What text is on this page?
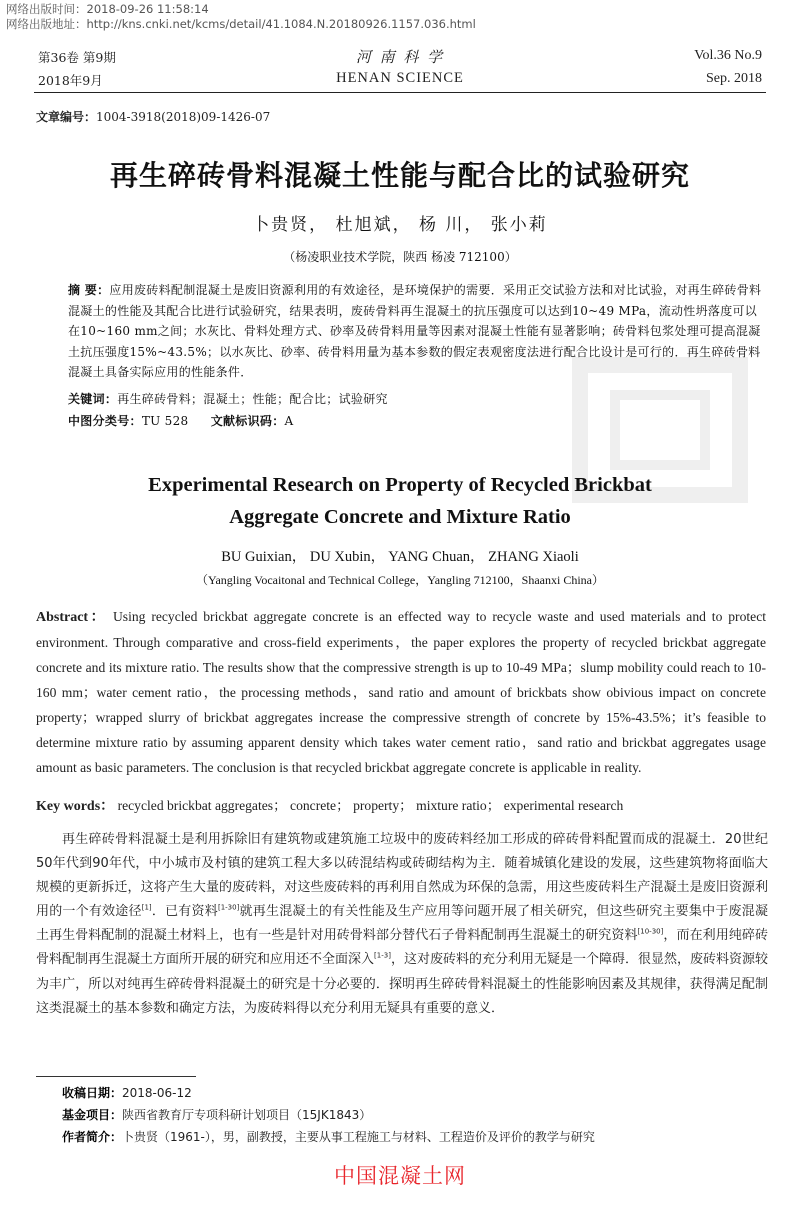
网络出版时间：2018-09-26 11:58:14
网络出版地址：http://kns.cnki.net/kcms/detail/41.1084.N.20180926.1157.036.html
第36卷 第9期
2018年9月
河 南 科 学
HENAN SCIENCE
Vol.36 No.9
Sep. 2018
文章编号：1004-3918(2018)09-1426-07
再生碎砖骨料混凝土性能与配合比的试验研究
卜贵贤， 杜旭斌， 杨 川， 张小莉
（杨凌职业技术学院，陕西 杨凌 712100）
摘 要：应用废砖料配制混凝土是废旧资源利用的有效途径，是环境保护的需要．采用正交试验方法和对比试验，对再生碎砖骨料混凝土的性能及其配合比进行试验研究，结果表明，废砖骨料再生混凝土的抗压强度可以达到10~49 MPa，流动性坍落度可以在10~160 mm之间；水灰比、骨料处理方式、砂率及砖骨料用量等因素对混凝土性能有显著影响；砖骨料包浆处理可提高混凝土抗压强度15%~43.5%；以水灰比、砂率、砖骨料用量为基本参数的假定表观密度法进行配合比设计是可行的．再生碎砖骨料混凝土具备实际应用的性能条件．
关键词：再生碎砖骨料；混凝土；性能；配合比；试验研究
中图分类号：TU 528 文献标识码：A
Experimental Research on Property of Recycled Brickbat
Aggregate Concrete and Mixture Ratio
BU Guixian， DU Xubin， YANG Chuan， ZHANG Xiaoli
（Yangling Vocaitonal and Technical College，Yangling 712100，Shaanxi China）
Abstract： Using recycled brickbat aggregate concrete is an effected way to recycle waste and used materials and to protect environment. Through comparative and cross-field experiments，the paper explores the property of recycled brickbat aggregate concrete and its mixture ratio. The results show that the compressive strength is up to 10-49 MPa；slump mobility could reach to 10-160 mm；water cement ratio，the processing methods，sand ratio and amount of brickbats show obivious impact on concrete property；wrapped slurry of brickbat aggregates increase the compressive strength of concrete by 15%-43.5%；it’s feasible to determine mixture ratio by assuming apparent density which takes water cement ratio，sand ratio and brickbat aggregates usage amount as basic parameters. The conclusion is that recycled brickbat aggregate concrete is applicable in reality.
Key words： recycled brickbat aggregates； concrete； property； mixture ratio； experimental research
再生碎砖骨料混凝土是利用拆除旧有建筑物或建筑施工垃圾中的废砖料经加工形成的碎砖骨料配置而成的混凝土．20世纪50年代到90年代，中小城市及村镇的建筑工程大多以砖混结构或砖砌结构为主．随着城镇化建设的发展，这些建筑物将面临大规模的更新拆迁，这将产生大量的废砖料，对这些废砖料的再利用自然成为环保的急需，用这些废砖料生产混凝土是废旧资源利用的一个有效途径[1]．已有资料[1-30]就再生混凝土的有关性能及生产应用等问题开展了相关研究，但这些研究主要集中于废混凝土再生骨料配制的混凝土材料上，也有一些是针对用砖骨料部分替代石子骨料配制再生混凝土的研究资料[10-30]，而在利用纯碎砖骨料配制再生混凝土方面所开展的研究和应用还不全面深入[1-3]，这对废砖料的充分利用无疑是一个障碍．很显然，废砖料资源较为丰广，所以对纯再生碎砖骨料混凝土的研究是十分必要的．探明再生碎砖骨料混凝土的性能影响因素及其规律，获得满足配制这类混凝土的基本参数和确定方法，为废砖料得以充分利用无疑具有重要的意义．
收稿日期：2018-06-12
基金项目：陕西省教育厅专项科研计划项目（15JK1843）
作者简介：卜贵贤（1961-），男，副教授，主要从事工程施工与材料、工程造价及评价的教学与研究
中国混凝土网
